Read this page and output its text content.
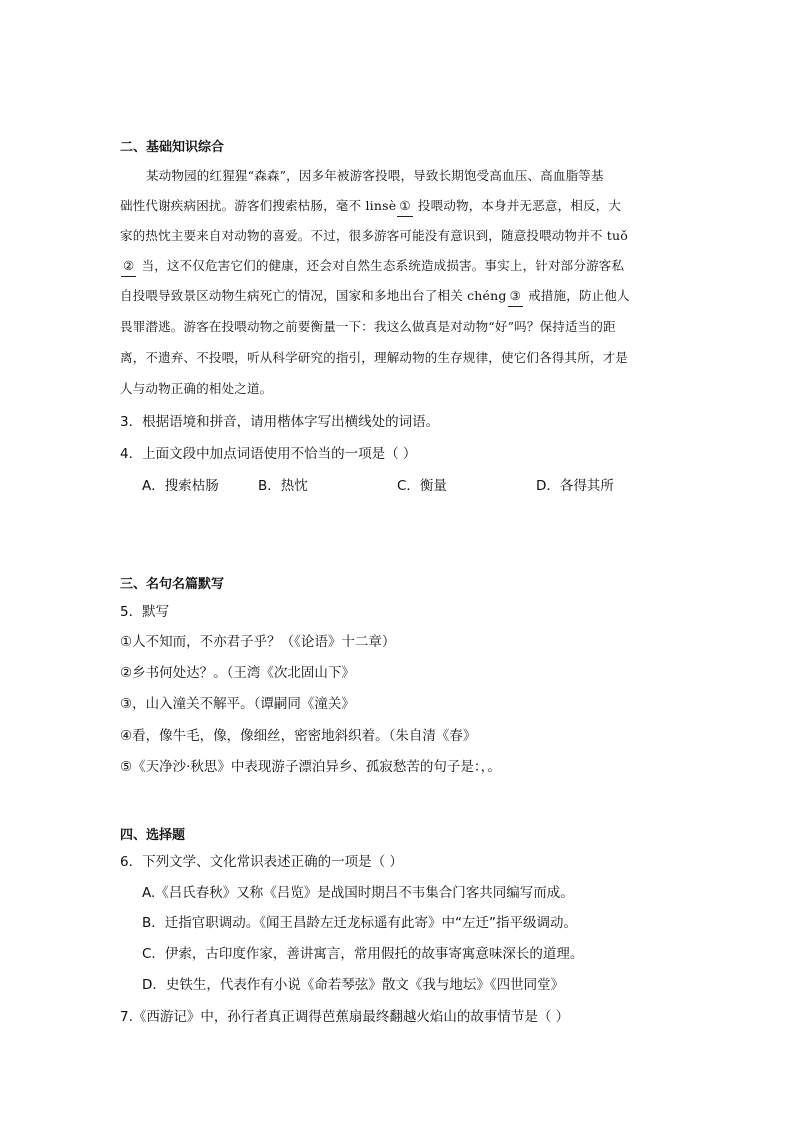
二、基础知识综合
某动物园的红猩猩“森森”，因多年被游客投喂，导致长期饱受高血压、高血脂等基
础性代谢疾病困扰。游客们搜索枯肠，毫不 linsè ① 投喂动物，本身并无恶意，相反，大
家的热忱主要来自对动物的喜爱。不过，很多游客可能没有意识到，随意投喂动物并不 tuǒ
② 当，这不仅危害它们的健康，还会对自然生态系统造成损害。事实上，针对部分游客私
自投喂导致景区动物生病死亡的情况，国家和多地出台了相关 chéng ③ 戒措施，防止他人
畏罪潜逃。游客在投喂动物之前要衡量一下：我这么做真是对动物“好”吗？保持适当的距
离，不遗弃、不投喂，听从科学研究的指引，理解动物的生存规律，使它们各得其所，才是
人与动物正确的相处之道。
3．根据语境和拼音，请用楷体字写出横线处的词语。
4．上面文段中加点词语使用不恰当的一项是（ ）
A．搜索枯肠	B．热忱	C．衡量	D．各得其所
三、名句名篇默写
5．默写
①人不知而，不亦君子乎？（《论语》十二章）
②乡书何处达？。（王湾《次北固山下》
③，山入潼关不解平。（谭嗣同《潼关》
④看，像牛毛，像，像细丝，密密地斜织着。（朱自清《春》
⑤《天净沙·秋思》中表现游子漂泊异乡、孤寂愁苦的句子是：，。
四、选择题
6．下列文学、文化常识表述正确的一项是（ ）
A.《吕氏春秋》又称《吕览》是战国时期吕不韦集合门客共同编写而成。
B．迁指官职调动。《闻王昌龄左迁龙标遥有此寄》中“左迁”指平级调动。
C．伊索，古印度作家，善讲寓言，常用假托的故事寄寓意味深长的道理。
D．史铁生，代表作有小说《命若琴弦》散文《我与地坛》《四世同堂》
7.《西游记》中，孙行者真正调得芭蕉扇最终翻越火焰山的故事情节是（ ）
